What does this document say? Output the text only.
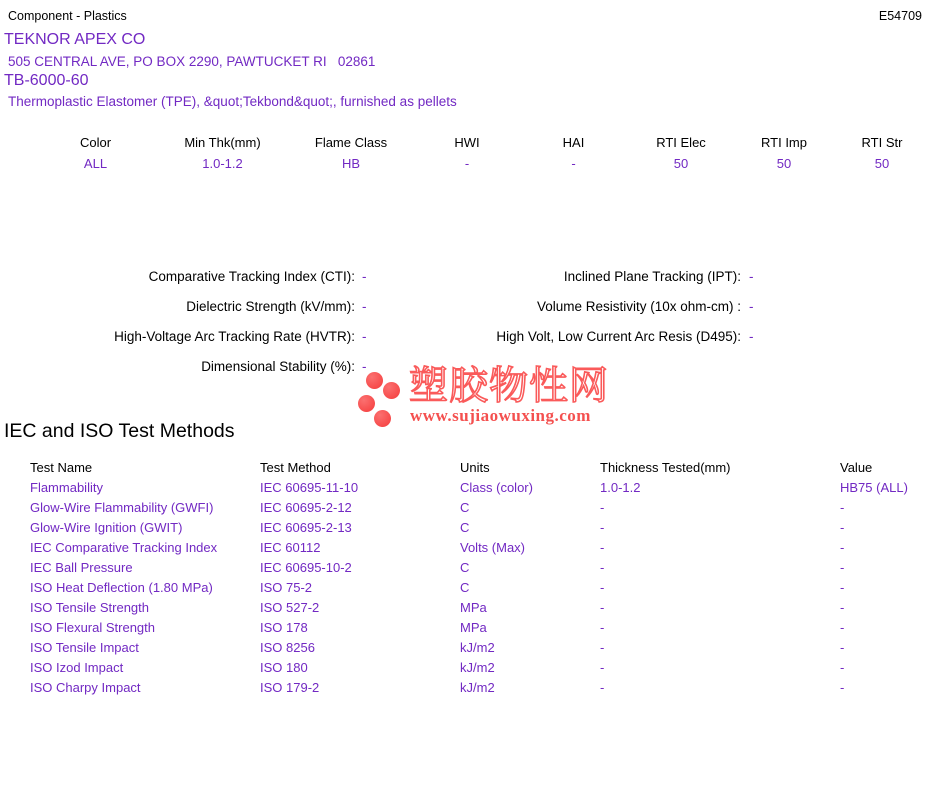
Component - Plastics	E54709
TEKNOR APEX CO
505 CENTRAL AVE, PO BOX 2290, PAWTUCKET RI   02861
TB-6000-60
Thermoplastic Elastomer (TPE), &quot;Tekbond&quot;, furnished as pellets
Color	Min Thk(mm)	Flame Class	HWI	HAI	RTI Elec	RTI Imp	RTI Str
ALL	1.0-1.2	HB	-	-	50	50	50
Comparative Tracking Index (CTI): -	Inclined Plane Tracking (IPT): -
Dielectric Strength (kV/mm): -	Volume Resistivity (10x ohm-cm) : -
High-Voltage Arc Tracking Rate (HVTR): -	High Volt, Low Current Arc Resis (D495): -
Dimensional Stability (%): -	塑胶物性网
www.sujiaowuxing.com
IEC and ISO Test Methods
Test Name	Test Method	Units	Thickness Tested(mm)	Value
Flammability	IEC 60695-11-10	Class (color)	1.0-1.2	HB75 (ALL)
Glow-Wire Flammability (GWFI)	IEC 60695-2-12	C	-	-
Glow-Wire Ignition (GWIT)	IEC 60695-2-13	C	-	-
IEC Comparative Tracking Index	IEC 60112	Volts (Max)	-	-
IEC Ball Pressure	IEC 60695-10-2	C	-	-
ISO Heat Deflection (1.80 MPa)	ISO 75-2	C	-	-
ISO Tensile Strength	ISO 527-2	MPa	-	-
ISO Flexural Strength	ISO 178	MPa	-	-
ISO Tensile Impact	ISO 8256	kJ/m2	-	-
ISO Izod Impact	ISO 180	kJ/m2	-	-
ISO Charpy Impact	ISO 179-2	kJ/m2	-	-
